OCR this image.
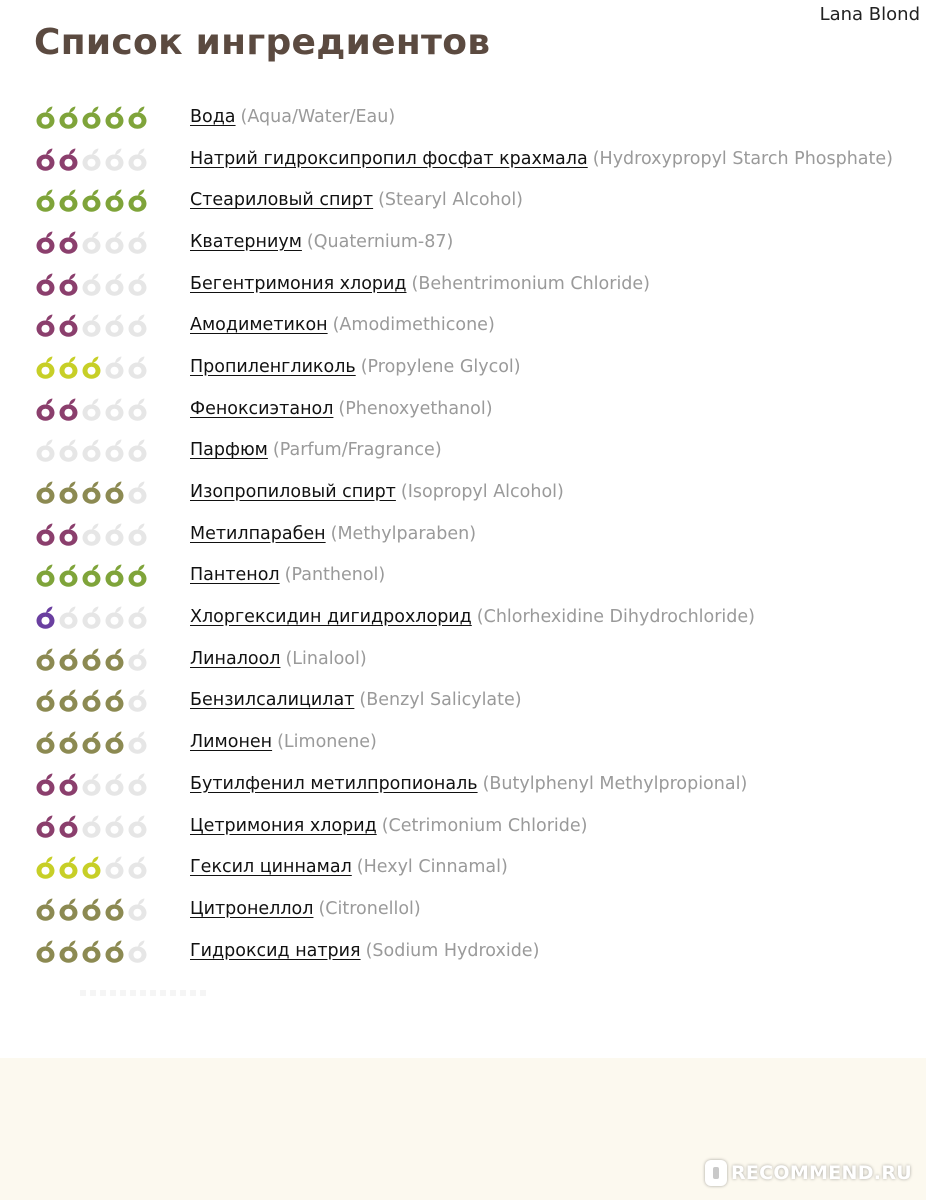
Lana Blond
Список ингредиентов
Вода (Aqua/Water/Eau)
Натрий гидроксипропил фосфат крахмала (Hydroxypropyl Starch Phosphate)
Стеариловый спирт (Stearyl Alcohol)
Кватерниум (Quaternium-87)
Бегентримония хлорид (Behentrimonium Chloride)
Амодиметикон (Amodimethicone)
Пропиленгликоль (Propylene Glycol)
Феноксиэтанол (Phenoxyethanol)
Парфюм (Parfum/Fragrance)
Изопропиловый спирт (Isopropyl Alcohol)
Метилпарабен (Methylparaben)
Пантенол (Panthenol)
Хлоргексидин дигидрохлорид (Chlorhexidine Dihydrochloride)
Линалоол (Linalool)
Бензилсалицилат (Benzyl Salicylate)
Лимонен (Limonene)
Бутилфенил метилпропиональ (Butylphenyl Methylpropional)
Цетримония хлорид (Cetrimonium Chloride)
Гексил циннамал (Hexyl Cinnamal)
Цитронеллол (Citronellol)
Гидроксид натрия (Sodium Hydroxide)
RECOMMEND.RU
